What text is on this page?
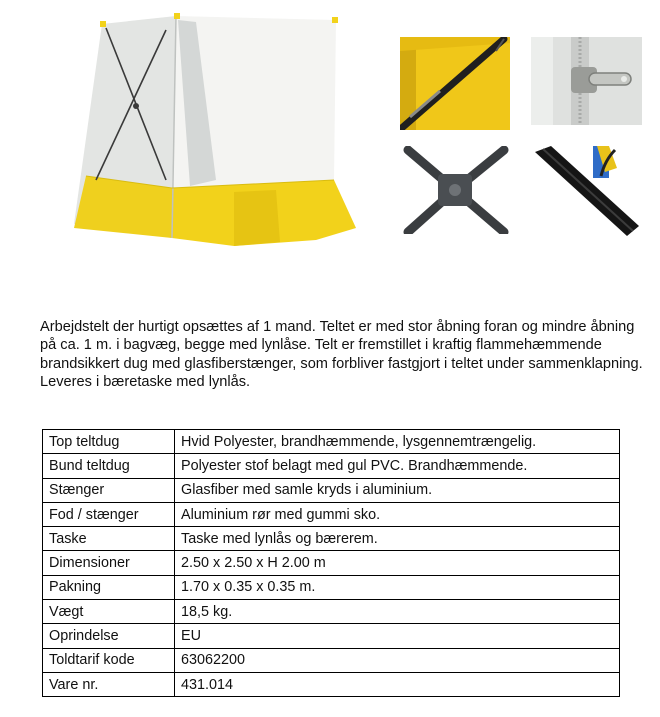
Arbejdstelt der hurtigt opsættes af 1 mand. Teltet er med stor åbning foran og mindre åbning på ca. 1 m. i bagvæg, begge med lynlåse. Telt er fremstillet i kraftig flammehæmmende brandsikkert dug med glasfiberstænger, som forbliver fastgjort i teltet under sammenklapning. Leveres i bæretaske med lynlås.

Top teltdug	Hvid Polyester, brandhæmmende, lysgennemtrængelig.
Bund teltdug	Polyester stof belagt med gul PVC. Brandhæmmende.
Stænger	Glasfiber med samle kryds i aluminium.
Fod / stænger	Aluminium rør med gummi sko.
Taske	Taske med lynlås og bærerem.
Dimensioner	2.50 x 2.50 x H 2.00 m
Pakning	1.70 x 0.35 x 0.35 m.
Vægt	18,5 kg.
Oprindelse	EU
Toldtarif kode	63062200
Vare nr.	431.014
